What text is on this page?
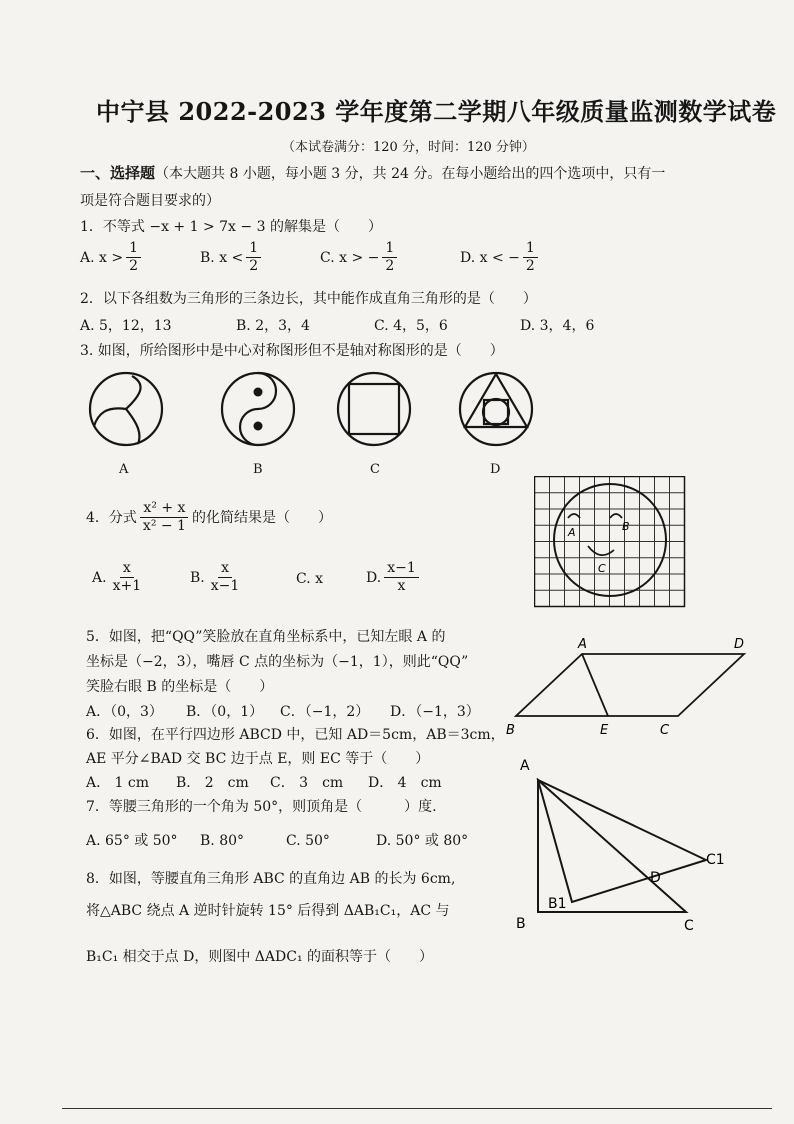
中宁县 2022-2023 学年度第二学期八年级质量监测数学试卷
（本试卷满分：120 分，时间：120 分钟）
一、选择题（本大题共 8 小题，每小题 3 分，共 24 分。在每小题给出的四个选项中，只有一
项是符合题目要求的）
1．不等式 −x + 1 > 7x − 3 的解集是（　　）
A. $x > \frac{1}{2}$	B. $x < \frac{1}{2}$	C. x > − $\frac{1}{2}$	D. x < − $\frac{1}{2}$
2．以下各组数为三角形的三条边长，其中能作成直角三角形的是（　　）
A. 5，12，13	B. 2，3，4	C. 4，5，6	D. 3，4，6
3. 如图，所给图形中是中心对称图形但不是轴对称图形的是（　　）
A	B	C	D
4．分式 $\frac{\text{x² + x}}{\text{x² − 1}}$ 的化简结果是（　　）
A. $\frac{x}{x+1}$	B. $\frac{x}{x-1}$	C. x	D. $\frac{x-1}{x}$
A	B
C
5．如图，把“QQ”笑脸放在直角坐标系中，已知左眼 A 的
坐标是（−2，3），嘴唇 C 点的坐标为（−1，1），则此“QQ”
笑脸右眼 B 的坐标是（　　）
A．（0，3） B．（0，1） C．（−1，2） D．（−1，3）
A	D
B	E	C
6．如图，在平行四边形 ABCD 中，已知 AD＝5cm，AB＝3cm，
AE 平分∠BAD 交 BC 边于点 E，则 EC 等于（　　）
A． 1 cm B． 2　cm C． 3　cm D． 4　cm
7．等腰三角形的一个角为 50°，则顶角是（　　　）度.
A. 65° 或 50° B. 80°	C. 50°	D. 50° 或 80°
A
B	C
B1
C1
D
8．如图，等腰直角三角形 ABC 的直角边 AB 的长为 6cm,
将△ABC 绕点 A 逆时针旋转 15° 后得到 ΔAB₁C₁，AC 与
B₁C₁ 相交于点 D，则图中 ΔADC₁ 的面积等于（　　）
